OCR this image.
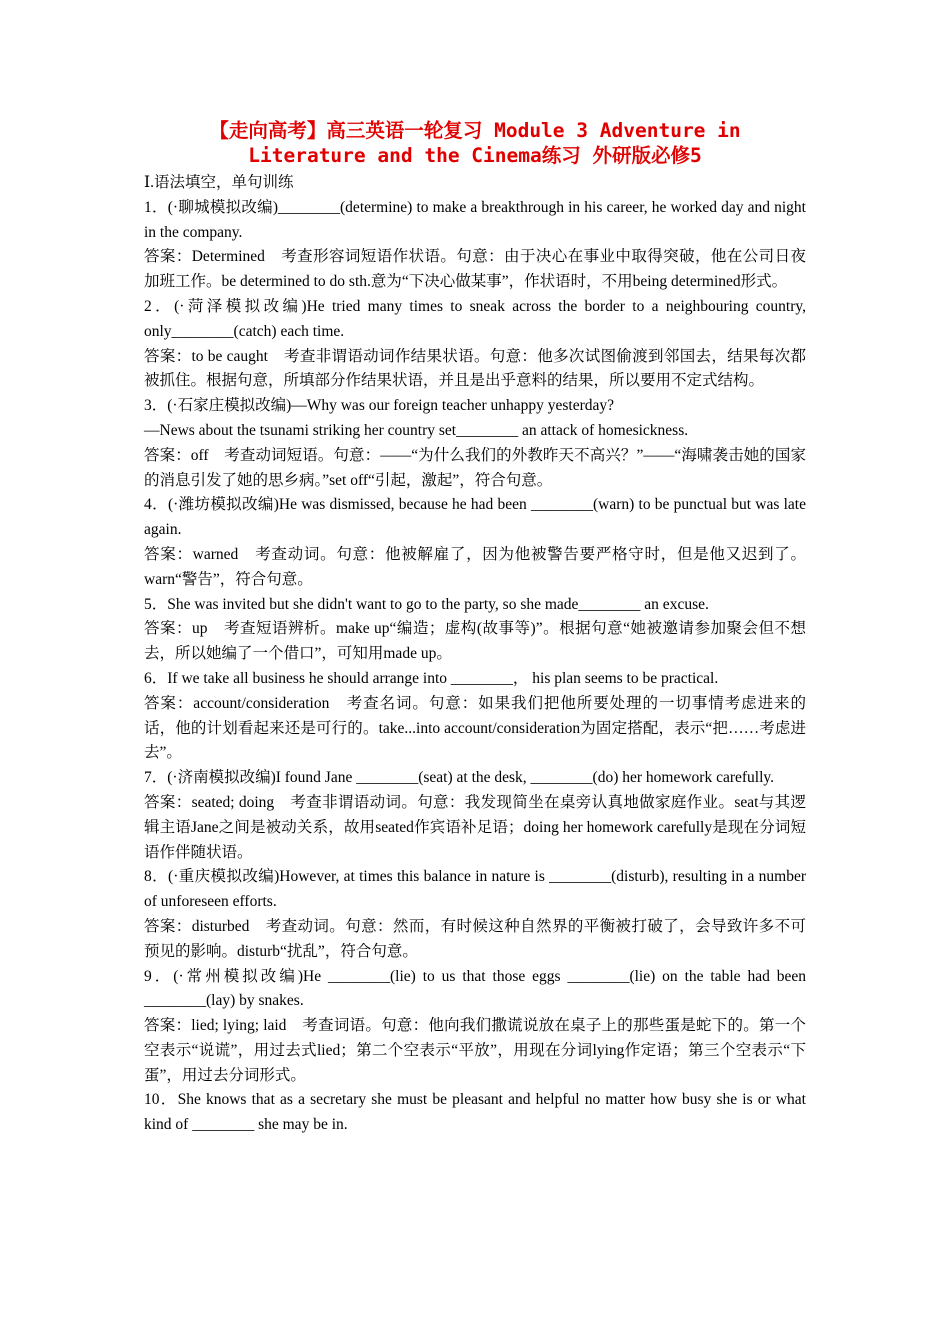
【走向高考】高三英语一轮复习 Module 3 Adventure in
Literature and the Cinema练习 外研版必修5
Ⅰ.语法填空，单句训练
1．(·聊城模拟改编)________(determine) to make a breakthrough in his career, he worked day and night in the company.
答案：Determined　考查形容词短语作状语。句意：由于决心在事业中取得突破，他在公司日夜加班工作。be determined to do sth.意为“下决心做某事”，作状语时，不用being determined形式。
2．(·菏泽模拟改编)He tried many times to sneak across the border to a neighbouring country, only________(catch) each time.
答案：to be caught　考查非谓语动词作结果状语。句意：他多次试图偷渡到邻国去，结果每次都被抓住。根据句意，所填部分作结果状语，并且是出乎意料的结果，所以要用不定式结构。
3．(·石家庄模拟改编)—Why was our foreign teacher unhappy yesterday?
—News about the tsunami striking her country set________ an attack of homesickness.
答案：off　考查动词短语。句意：——“为什么我们的外教昨天不高兴？”——“海啸袭击她的国家的消息引发了她的思乡病。”set off“引起，激起”，符合句意。
4．(·潍坊模拟改编)He was dismissed, because he had been ________(warn) to be punctual but was late again.
答案：warned　考查动词。句意：他被解雇了，因为他被警告要严格守时，但是他又迟到了。warn“警告”，符合句意。
5．She was invited but she didn't want to go to the party, so she made________ an excuse.
答案：up　考查短语辨析。make up“编造；虚构(故事等)”。根据句意“她被邀请参加聚会但不想去，所以她编了一个借口”，可知用made up。
6．If we take all business he should arrange into ________， his plan seems to be practical.
答案：account/consideration　考查名词。句意：如果我们把他所要处理的一切事情考虑进来的话，他的计划看起来还是可行的。take...into account/consideration为固定搭配，表示“把……考虑进去”。
7．(·济南模拟改编)I found Jane ________(seat) at the desk, ________(do) her homework carefully.
答案：seated; doing　考查非谓语动词。句意：我发现简坐在桌旁认真地做家庭作业。seat与其逻辑主语Jane之间是被动关系，故用seated作宾语补足语；doing her homework carefully是现在分词短语作伴随状语。
8．(·重庆模拟改编)However, at times this balance in nature is ________(disturb), resulting in a number of unforeseen efforts.
答案：disturbed　考查动词。句意：然而，有时候这种自然界的平衡被打破了，会导致许多不可预见的影响。disturb“扰乱”，符合句意。
9．(·常州模拟改编)He ________(lie) to us that those eggs ________(lie) on the table had been ________(lay) by snakes.
答案：lied; lying; laid　考查词语。句意：他向我们撒谎说放在桌子上的那些蛋是蛇下的。第一个空表示“说谎”，用过去式lied；第二个空表示“平放”，用现在分词lying作定语；第三个空表示“下蛋”，用过去分词形式。
10．She knows that as a secretary she must be pleasant and helpful no matter how busy she is or what kind of ________ she may be in.
